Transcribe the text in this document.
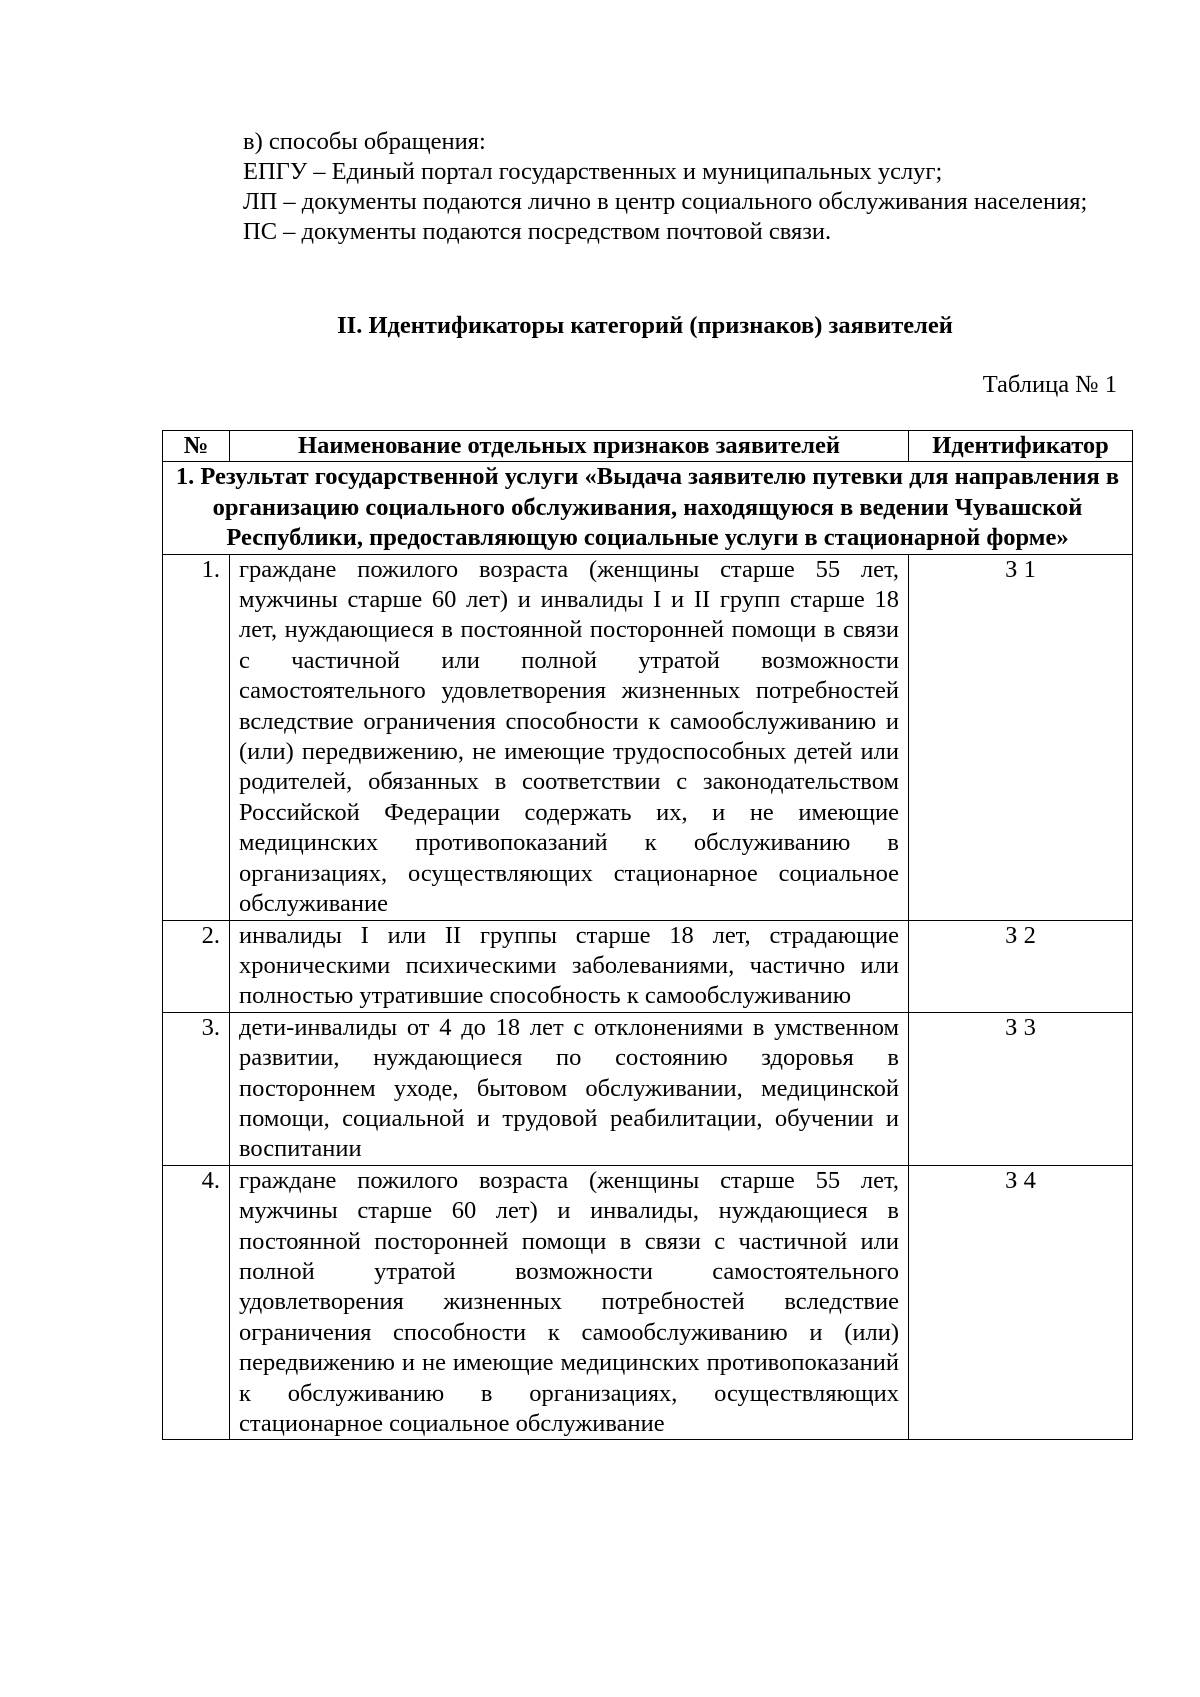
в) способы обращения:

ЕПГУ – Единый портал государственных и муниципальных услуг;

ЛП – документы подаются лично в центр социального обслуживания населения;

ПС – документы подаются посредством почтовой связи.

II. Идентификаторы категорий (признаков) заявителей
Таблица № 1
№	Наименование отдельных признаков заявителей	Идентификатор
1. Результат государственной услуги «Выдача заявителю путевки для направления в организацию социального обслуживания, находящуюся в ведении Чувашской Республики, предоставляющую социальные услуги в стационарной форме»		
1.	граждане пожилого возраста (женщины старше 55 лет, мужчины старше 60 лет) и инвалиды I и II групп старше 18 лет, нуждающиеся в постоянной посторонней помощи в связи с частичной или полной утратой возможности самостоятельного удовлетворения жизненных потребностей вследствие ограничения способности к самообслуживанию и (или) передвижению, не имеющие трудоспособных детей или родителей, обязанных в соответствии с законодательством Российской Федерации содержать их, и не имеющие медицинских противопоказаний к обслуживанию в организациях, осуществляющих стационарное социальное обслуживание	З 1
2.	инвалиды I или II группы старше 18 лет, страдающие хроническими психическими заболеваниями, частично или полностью утратившие способность к самообслуживанию	З 2
3.	дети-инвалиды от 4 до 18 лет с отклонениями в умственном развитии, нуждающиеся по состоянию здоровья в постороннем уходе, бытовом обслуживании, медицинской помощи, социальной и трудовой реабилитации, обучении и воспитании	З 3
4.	граждане пожилого возраста (женщины старше 55 лет, мужчины старше 60 лет) и инвалиды, нуждающиеся в постоянной посторонней помощи в связи с частичной или полной утратой возможности самостоятельного удовлетворения жизненных потребностей вследствие ограничения способности к самообслуживанию и (или) передвижению и не имеющие медицинских противопоказаний к обслуживанию в организациях, осуществляющих стационарное социальное обслуживание	З 4
